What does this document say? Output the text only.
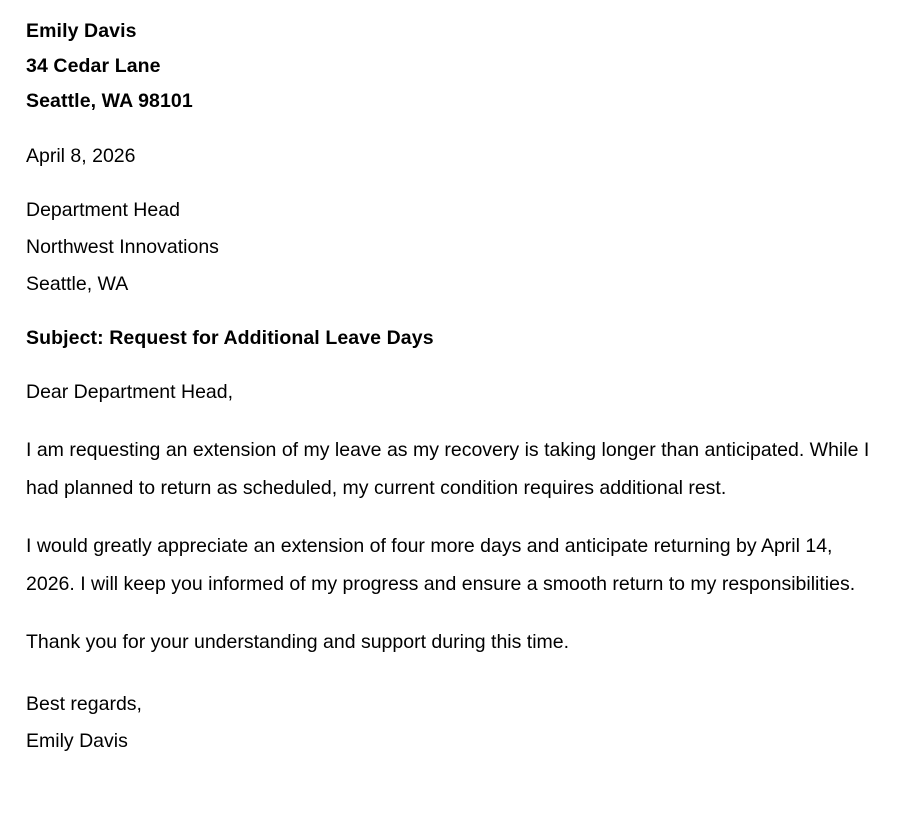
Emily Davis
34 Cedar Lane
Seattle, WA 98101
April 8, 2026
Department Head
Northwest Innovations
Seattle, WA
Subject: Request for Additional Leave Days
Dear Department Head,

I am requesting an extension of my leave as my recovery is taking longer than anticipated. While I had planned to return as scheduled, my current condition requires additional rest.

I would greatly appreciate an extension of four more days and anticipate returning by April 14, 2026. I will keep you informed of my progress and ensure a smooth return to my responsibilities.

Thank you for your understanding and support during this time.

Best regards,
Emily Davis
